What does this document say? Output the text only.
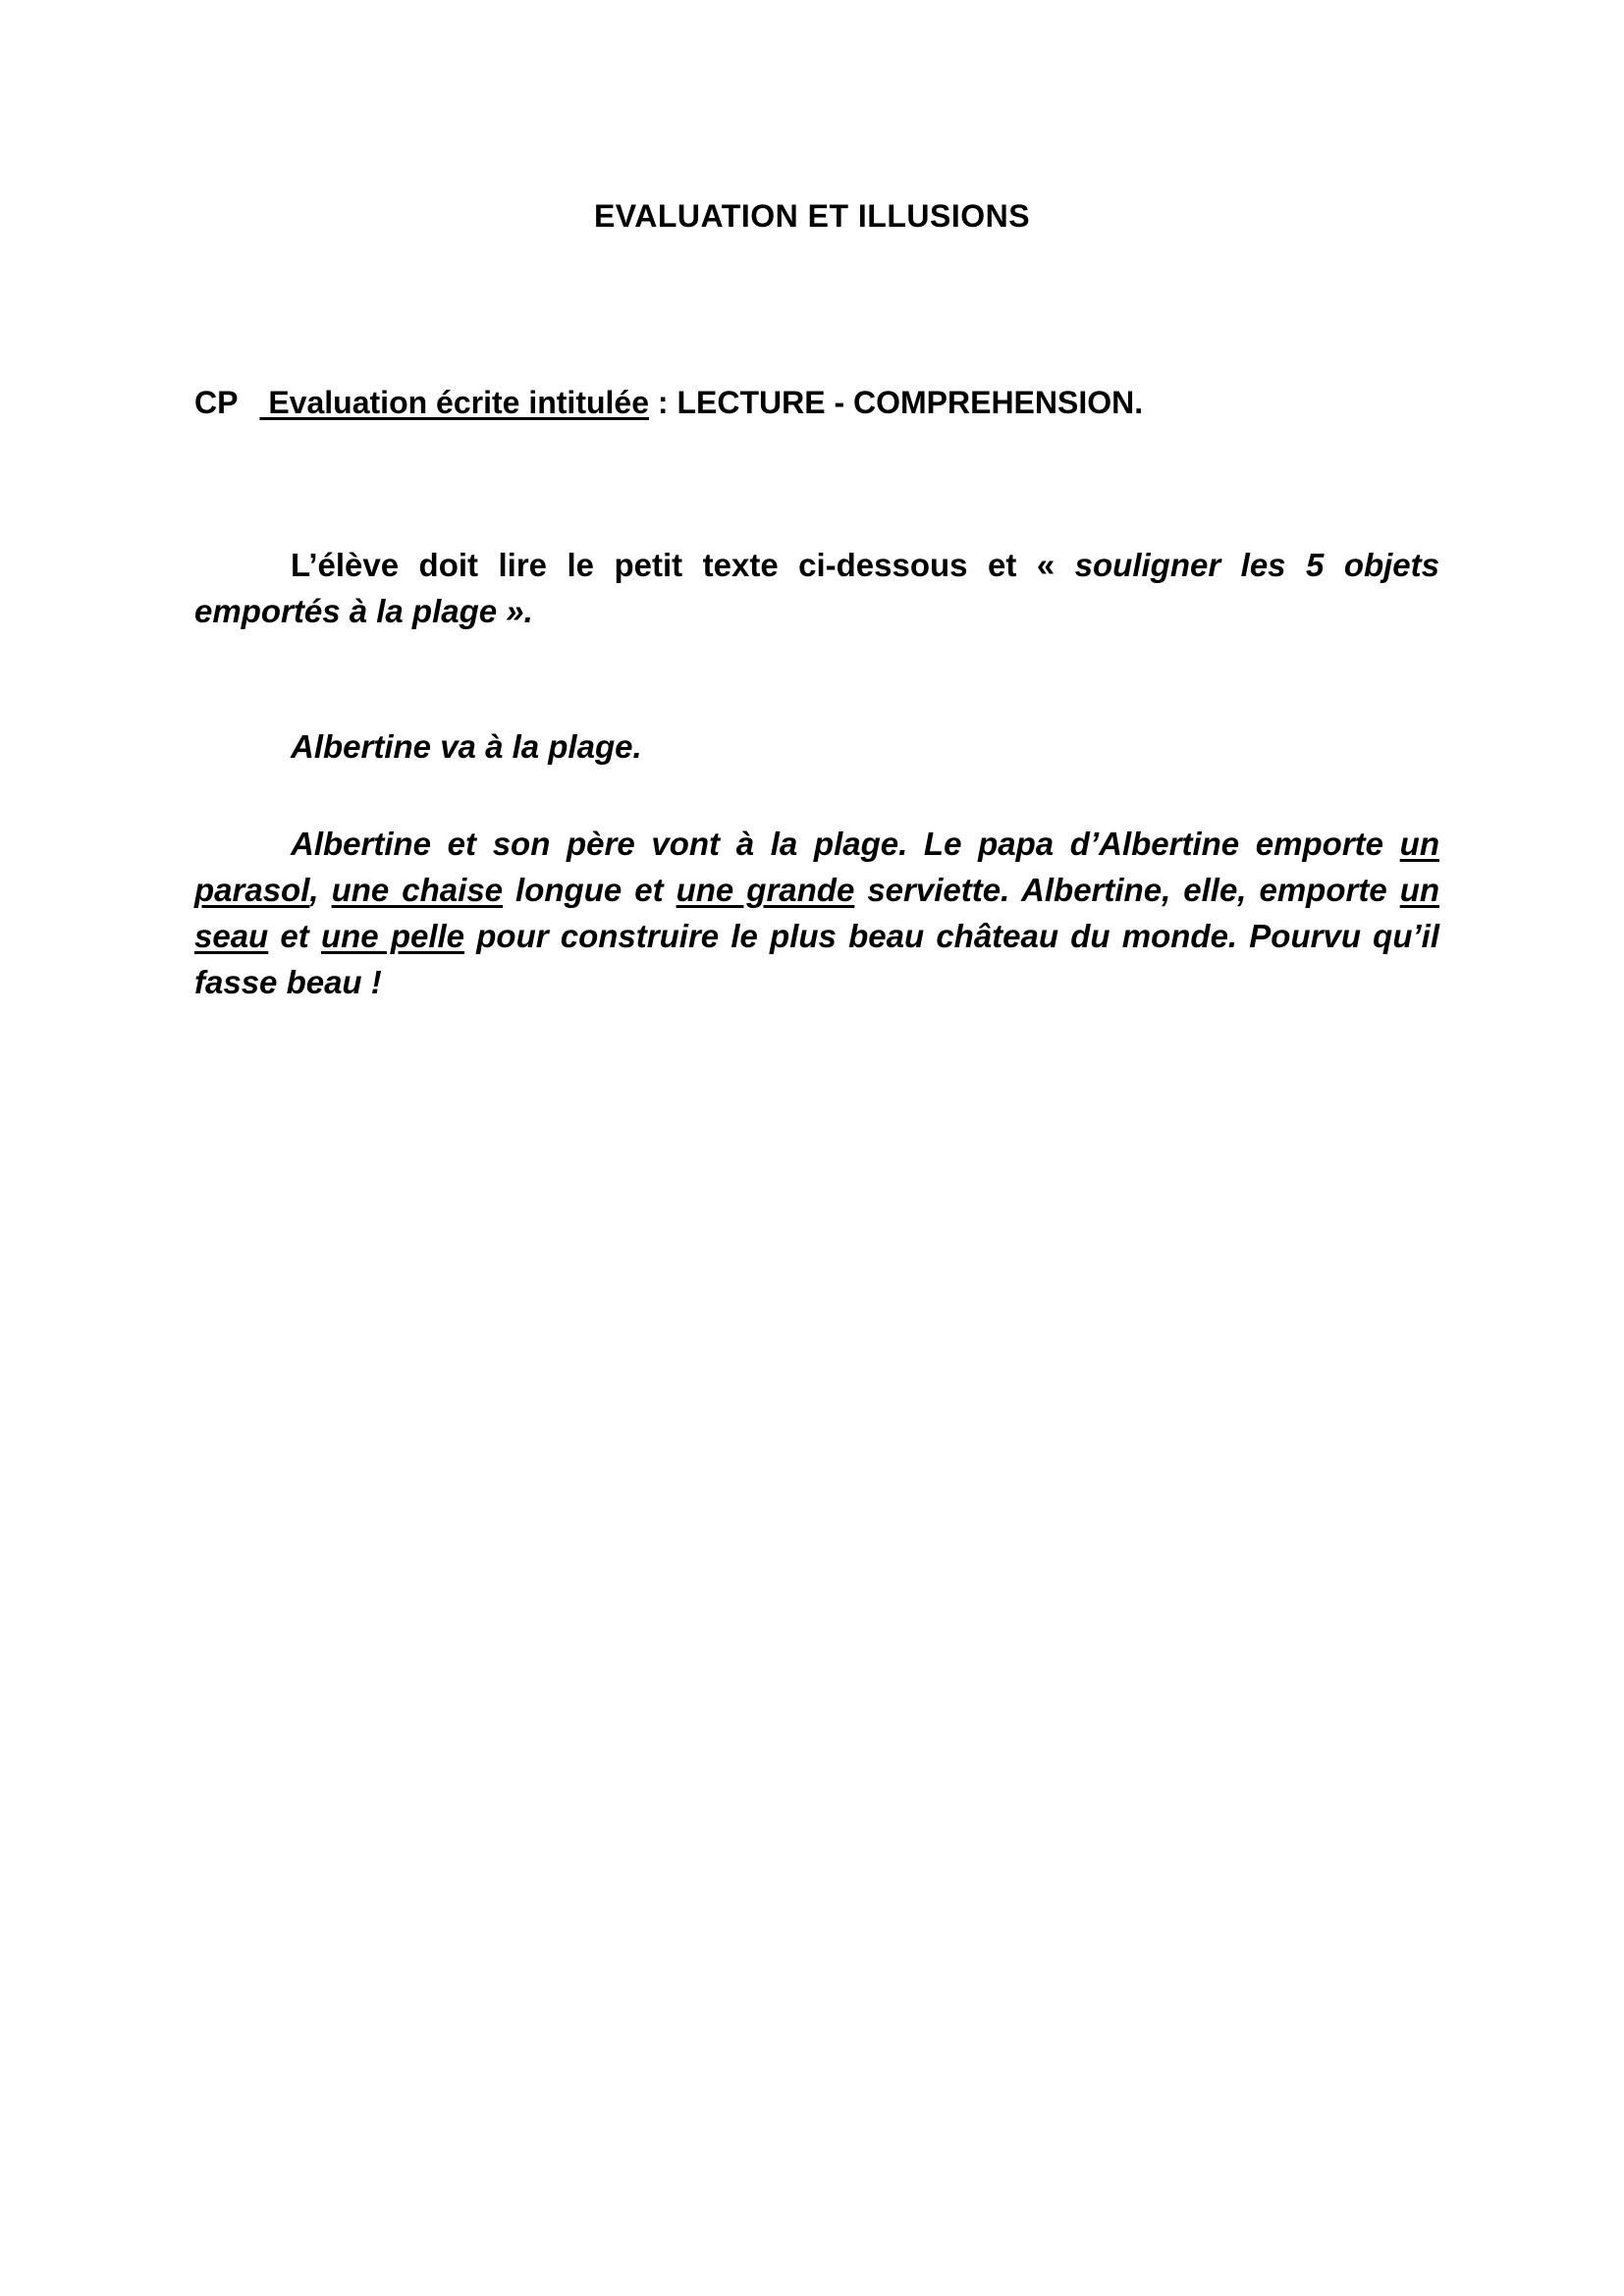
EVALUATION ET ILLUSIONS
CP Evaluation écrite intitulée : LECTURE - COMPREHENSION.
L’élève doit lire le petit texte ci-dessous et « souligner les 5 objets emportés à la plage ».
Albertine va à la plage.
Albertine et son père vont à la plage. Le papa d’Albertine emporte un parasol, une chaise longue et une grande serviette. Albertine, elle, emporte un seau et une pelle pour construire le plus beau château du monde. Pourvu qu’il fasse beau !
